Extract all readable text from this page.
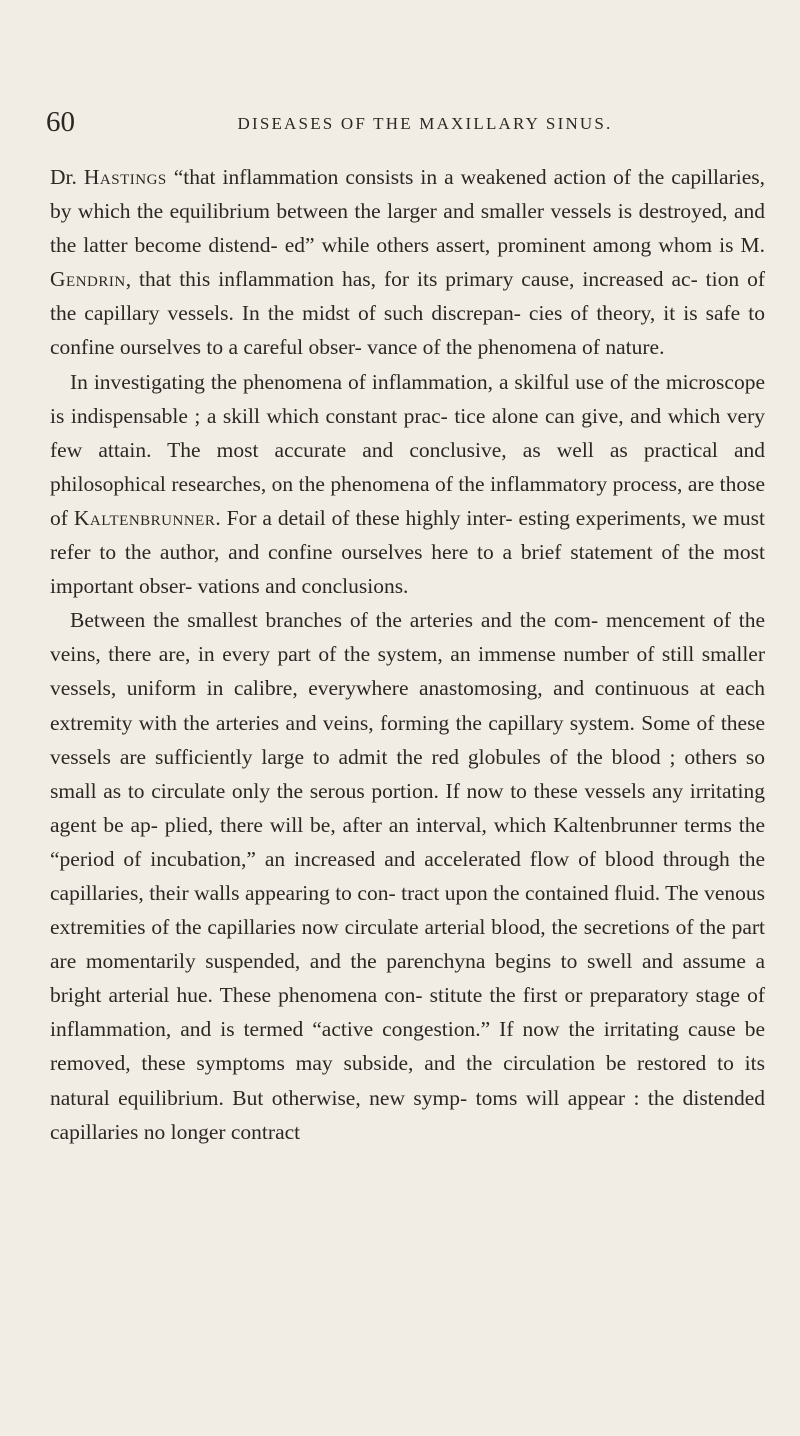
60	DISEASES OF THE MAXILLARY SINUS.

Dr. Hastings “that inflammation consists in a weakened action of the capillaries, by which the equilibrium between the larger and smaller vessels is destroyed, and the latter become distend- ed” while others assert, prominent among whom is M. Gendrin, that this inflammation has, for its primary cause, increased ac- tion of the capillary vessels. In the midst of such discrepan- cies of theory, it is safe to confine ourselves to a careful obser- vance of the phenomena of nature.

In investigating the phenomena of inflammation, a skilful use of the microscope is indispensable ; a skill which constant prac- tice alone can give, and which very few attain. The most accurate and conclusive, as well as practical and philosophical researches, on the phenomena of the inflammatory process, are those of Kaltenbrunner. For a detail of these highly inter- esting experiments, we must refer to the author, and confine ourselves here to a brief statement of the most important obser- vations and conclusions.

Between the smallest branches of the arteries and the com- mencement of the veins, there are, in every part of the system, an immense number of still smaller vessels, uniform in calibre, everywhere anastomosing, and continuous at each extremity with the arteries and veins, forming the capillary system. Some of these vessels are sufficiently large to admit the red globules of the blood ; others so small as to circulate only the serous portion. If now to these vessels any irritating agent be ap- plied, there will be, after an interval, which Kaltenbrunner terms the “period of incubation,” an increased and accelerated flow of blood through the capillaries, their walls appearing to con- tract upon the contained fluid. The venous extremities of the capillaries now circulate arterial blood, the secretions of the part are momentarily suspended, and the parenchyna begins to swell and assume a bright arterial hue. These phenomena con- stitute the first or preparatory stage of inflammation, and is termed “active congestion.” If now the irritating cause be removed, these symptoms may subside, and the circulation be restored to its natural equilibrium. But otherwise, new symp- toms will appear : the distended capillaries no longer contract
